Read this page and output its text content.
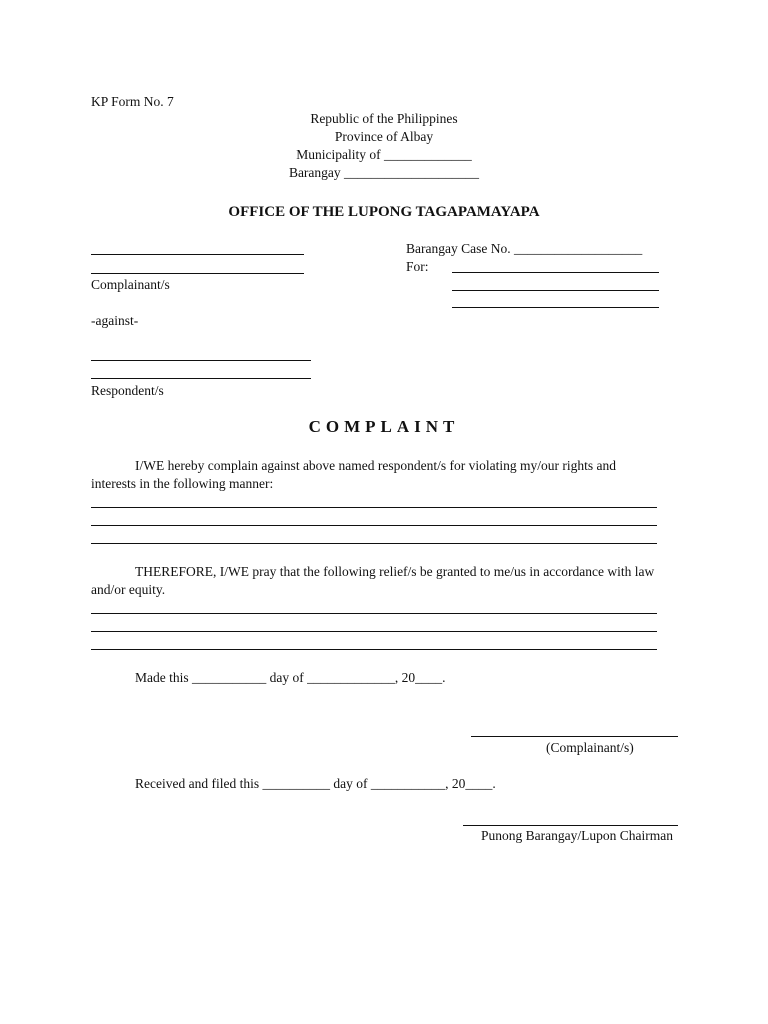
KP Form No. 7
Republic of the Philippines
Province of Albay
Municipality of _____________
Barangay ____________________
OFFICE OF THE LUPONG TAGAPAMAYAPA
Complainant/s
Barangay Case No. ___________________
For:
-against-
Respondent/s
COMPLAINT
I/WE hereby complain against above named respondent/s for violating my/our rights and interests in the following manner:
THEREFORE, I/WE pray that the following relief/s be granted to me/us in accordance with law and/or equity.
Made this ___________ day of _____________, 20____.
(Complainant/s)
Received and filed this __________ day of ___________, 20____.
Punong Barangay/Lupon Chairman
